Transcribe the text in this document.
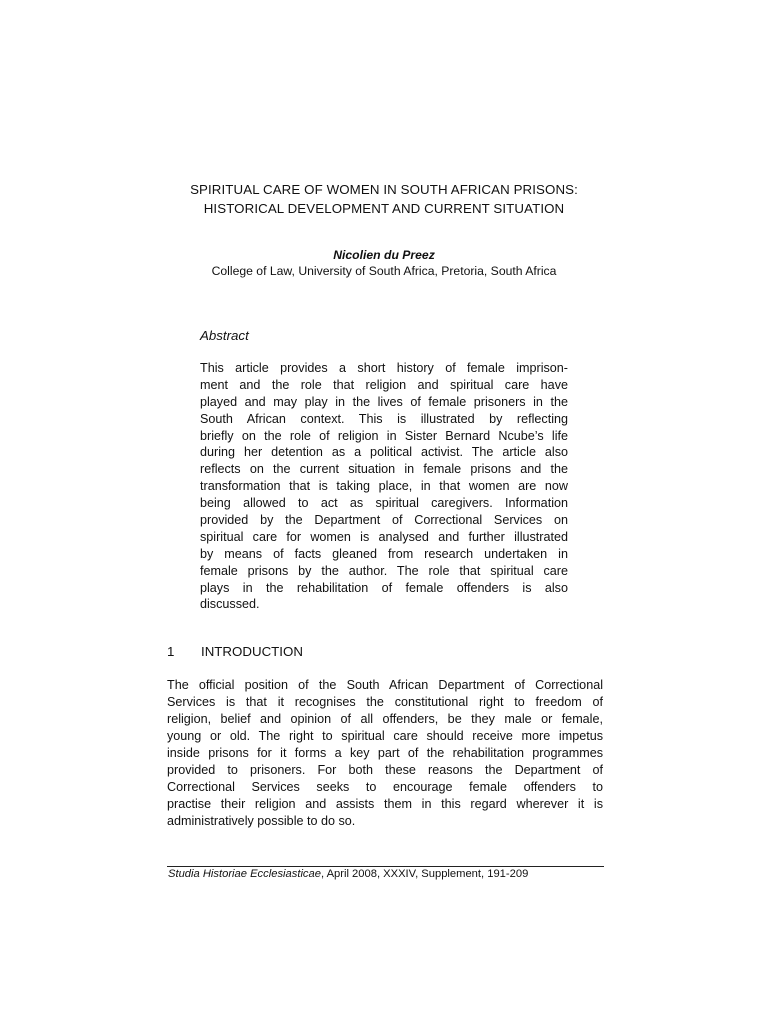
SPIRITUAL CARE OF WOMEN IN SOUTH AFRICAN PRISONS:
HISTORICAL DEVELOPMENT AND CURRENT SITUATION
Nicolien du Preez
College of Law, University of South Africa, Pretoria, South Africa
Abstract
This article provides a short history of female imprison-
ment and the role that religion and spiritual care have
played and may play in the lives of female prisoners in the
South African context. This is illustrated by reflecting
briefly on the role of religion in Sister Bernard Ncube’s life
during her detention as a political activist. The article also
reflects on the current situation in female prisons and the
transformation that is taking place, in that women are now
being allowed to act as spiritual caregivers. Information
provided by the Department of Correctional Services on
spiritual care for women is analysed and further illustrated
by means of facts gleaned from research undertaken in
female prisons by the author. The role that spiritual care
plays in the rehabilitation of female offenders is also
discussed.
1 INTRODUCTION
The official position of the South African Department of Correctional
Services is that it recognises the constitutional right to freedom of
religion, belief and opinion of all offenders, be they male or female,
young or old. The right to spiritual care should receive more impetus
inside prisons for it forms a key part of the rehabilitation programmes
provided to prisoners. For both these reasons the Department of
Correctional Services seeks to encourage female offenders to
practise their religion and assists them in this regard wherever it is
administratively possible to do so.
Studia Historiae Ecclesiasticae, April 2008, XXXIV, Supplement, 191-209
